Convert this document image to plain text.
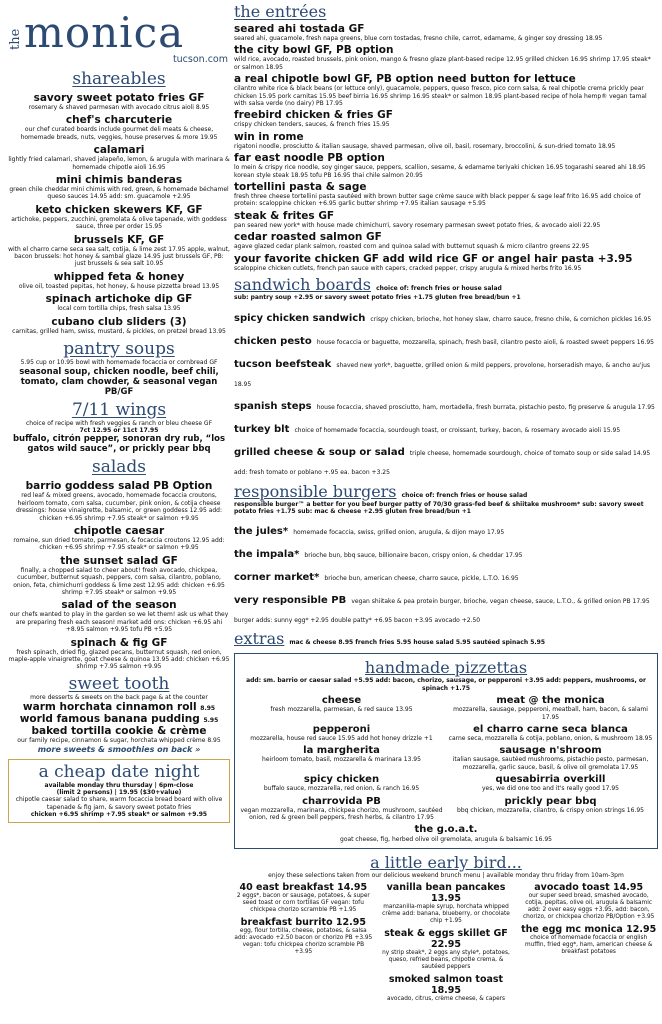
the monica
tucson.com
shareables
savory sweet potato fries GF
rosemary & shaved parmesan with avocado citrus aioli 8.95
chef's charcuterie
our chef curated boards include gourmet deli meats & cheese, homemade breads, nuts, veggies, house preserves & more 19.95
calamari
lightly fried calamari, shaved jalapeño, lemon, & arugula with marinara & homemade chipotle aioli 16.95
mini chimis banderas
green chile cheddar mini chimis with red, green, & homemade béchamel queso sauces 14.95 add: sm. guacamole +2.95
keto chicken skewers KF, GF
artichoke, peppers, zucchini, gremolata & olive tapenade, with goddess sauce, three per order 15.95
brussels KF, GF
with el charro carne seca sea salt, cotija, & lime zest 17.95 apple, walnut, bacon brussels: hot honey & sambal glaze 14.95 just brussels GF, PB: just brussels & sea salt 10.95
whipped feta & honey
olive oil, toasted pepitas, hot honey, & house pizzetta bread 13.95
spinach artichoke dip GF
local corn tortilla chips, fresh salsa 13.95
cubano club sliders (3)
carnitas, grilled ham, swiss, mustard, & pickles, on pretzel bread 13.95
pantry soups
5.95 cup or 10.95 bowl with homemade focaccia or cornbread GF
seasonal soup, chicken noodle, beef chili, tomato, clam chowder, & seasonal vegan PB/GF
7/11 wings
choice of recipe with fresh veggies & ranch or bleu cheese GF
7ct 12.95 or 11ct 17.95
buffalo, citrón pepper, sonoran dry rub, “los gatos wild sauce”, or prickly pear bbq
salads
barrio goddess salad PB Option
red leaf & mixed greens, avocado, homemade focaccia croutons, heirloom tomato, corn salsa, cucumber, pink onion, & cotija cheese dressings: house vinaigrette, balsamic, or green goddess 12.95 add: chicken +6.95 shrimp +7.95 steak* or salmon +9.95
chipotle caesar
romaine, sun dried tomato, parmesan, & focaccia croutons 12.95 add: chicken +6.95 shrimp +7.95 steak* or salmon +9.95
the sunset salad GF
finally, a chopped salad to cheer about! fresh avocado, chickpea, cucumber, butternut squash, peppers, corn salsa, cilantro, poblano, onion, feta, chimichurri goddess & lime zest 12.95 add: chicken +6.95 shrimp +7.95 steak* or salmon +9.95
salad of the season
our chefs wanted to play in the garden so we let them! ask us what they are preparing fresh each season! market add ons: chicken +6.95 ahi +8.95 salmon +9.95 tofu PB +5.95
spinach & fig GF
fresh spinach, dried fig, glazed pecans, butternut squash, red onion, maple-apple vinaigrette, goat cheese & quinoa 13.95 add: chicken +6.95 shrimp +7.95 salmon +9.95
sweet tooth
more desserts & sweets on the back page & at the counter
warm horchata cinnamon roll 8.95
world famous banana pudding 5.95
baked tortilla cookie & crème
our family recipe, cinnamon & sugar, horchata whipped crème 8.95
more sweets & smoothies on back »
a cheap date night
available monday thru thursday | 6pm-close
(limit 2 persons) | 19.95 ($30+value)
chipotle caesar salad to share, warm focaccia bread board with olive tapenade & fig jam, & savory sweet potato fries
chicken +6.95 shrimp +7.95 steak* or salmon +9.95
the entrées
seared ahi tostada GF
seared ahi, guacamole, fresh napa greens, blue corn tostadas, fresno chile, carrot, edamame, & ginger soy dressing 18.95
the city bowl GF, PB option
wild rice, avocado, roasted brussels, pink onion, mango & fresno glaze plant-based recipe 12.95 grilled chicken 16.95 shrimp 17.95 steak* or salmon 18.95
a real chipotle bowl GF, PB option need button for lettuce
cilantro white rice & black beans (or lettuce only), guacamole, peppers, queso fresco, pico corn salsa, & real chipotle crema prickly pear chicken 15.95 pork carnitas 15.95 beef birria 16.95 shrimp 16.95 steak* or salmon 18.95 plant-based recipe of hola hemp® vegan tamal with salsa verde (no dairy) PB 17.95
freebird chicken & fries GF
crispy chicken tenders, sauces, & french fries 15.95
win in rome
rigatoni noodle, prosciutto & italian sausage, shaved parmesan, olive oil, basil, rosemary, broccolini, & sun-dried tomato 18.95
far east noodle PB option
lo mein & crispy rice noodle, soy ginger sauce, peppers, scallion, sesame, & edamame teriyaki chicken 16.95 togarashi seared ahi 18.95 korean style steak 18.95 tofu PB 16.95 thai chile salmon 20.95
tortellini pasta & sage
fresh three cheese tortellini pasta sautéed with brown butter sage crème sauce with black pepper & sage leaf frito 16.95 add choice of protein: scaloppine chicken +6.95 garlic butter shrimp +7.95 italian sausage +5.95
steak & frites GF
pan seared new york* with house made chimichurri, savory rosemary parmesan sweet potato fries, & avocado aioli 22.95
cedar roasted salmon GF
agave glazed cedar plank salmon, roasted corn and quinoa salad with butternut squash & micro cilantro greens 22.95
your favorite chicken GF add wild rice GF or angel hair pasta +3.95
scaloppine chicken cutlets, french pan sauce with capers, cracked pepper, crispy arugula & mixed herbs frito 16.95
sandwich boards choice of: french fries or house salad
sub: pantry soup +2.95 or savory sweet potato fries +1.75 gluten free bread/bun +1
spicy chicken sandwich crispy chicken, brioche, hot honey slaw, charro sauce, fresno chile, & cornichon pickles 16.95
chicken pesto house focaccia or baguette, mozzarella, spinach, fresh basil, cilantro pesto aioli, & roasted sweet peppers 16.95
tucson beefsteak shaved new york*, baguette, grilled onion & mild peppers, provolone, horseradish mayo, & ancho au'jus 18.95
spanish steps house focaccia, shaved prosciutto, ham, mortadella, fresh burrata, pistachio pesto, fig preserve & arugula 17.95
turkey blt choice of homemade focaccia, sourdough toast, or croissant, turkey, bacon, & rosemary avocado aioli 15.95
grilled cheese & soup or salad triple cheese, homemade sourdough, choice of tomato soup or side salad 14.95 add: fresh tomato or poblano +.95 ea. bacon +3.25
responsible burgers choice of: french fries or house salad
responsible burger™ a better for you beef burger patty of 70/30 grass-fed beef & shiitake mushroom* sub: savory sweet potato fries +1.75 sub: mac & cheese +2.95 gluten free bread/bun +1
the jules* homemade focaccia, swiss, grilled onion, arugula, & dijon mayo 17.95
the impala* brioche bun, bbq sauce, billionaire bacon, crispy onion, & cheddar 17.95
corner market* brioche bun, american cheese, charro sauce, pickle, L.T.O. 16.95
very responsible PB vegan shiitake & pea protein burger, brioche, vegan cheese, sauce, L.T.O., & grilled onion PB 17.95 burger adds: sunny egg* +2.95 double patty* +6.95 bacon +3.95 avocado +2.50
extras mac & cheese 8.95 french fries 5.95 house salad 5.95 sautéed spinach 5.95
handmade pizzettas
add: sm. barrio or caesar salad +5.95 add: bacon, chorizo, sausage, or pepperoni +3.95 add: peppers, mushrooms, or spinach +1.75
cheese
fresh mozzarella, parmesan, & red sauce 13.95
meat @ the monica
mozzarella, sausage, pepperoni, meatball, ham, bacon, & salami 17.95
pepperoni
mozzarella, house red sauce 15.95 add hot honey drizzle +1
el charro carne seca blanca
carne seca, mozzarella & cotija, poblano, onion, & mushroom 18.95
la margherita
heirloom tomato, basil, mozzarella & marinara 13.95
sausage n'shroom
italian sausage, sautéed mushrooms, pistachio pesto, parmesan, mozzarella, garlic sauce, basil, & olive oil gremolata 17.95
spicy chicken
buffalo sauce, mozzarella, red onion, & ranch 16.95
quesabirria overkill
yes, we did one too and it's really good 17.95
charrovida PB
vegan mozzarella, marinara, chickpea chorizo, mushroom, sautéed onion, red & green bell peppers, fresh herbs, & cilantro 17.95
prickly pear bbq
bbq chicken, mozzarella, cilantro, & crispy onion strings 16.95
the g.o.a.t.
goat cheese, fig, herbed olive oil gremolata, arugula & balsamic 16.95
a little early bird...
enjoy these selections taken from our delicious weekend brunch menu | available monday thru friday from 10am-3pm
40 east breakfast 14.95
2 eggs*, bacon or sausage, potatoes, & super seed toast or corn tortillas GF vegan: tofu chickpea chorizo scramble PB +1.95
breakfast burrito 12.95
egg, flour tortilla, cheese, potatoes, & salsa add: avocado +2.50 bacon or chorizo PB +3.95 vegan: tofu chickpea chorizo scramble PB +3.95
vanilla bean pancakes 13.95
manzanilla-maple syrup, horchata whipped crème add: banana, blueberry, or chocolate chip +1.95
steak & eggs skillet GF 22.95
ny strip steak*, 2 eggs any style*, potatoes, queso, refried beans, chipotle crema, & sautéed peppers
smoked salmon toast 18.95
avocado, citrus, crème cheese, & capers
avocado toast 14.95
our super seed bread, smashed avocado, cotija, pepitas, olive oil, arugula & balsamic add: 2 over easy eggs +3.95, add: bacon, chorizo, or chickpea chorizo PB/Option +3.95
the egg mc monica 12.95
choice of homemade focaccia or english muffin, fried egg*, ham, american cheese & breakfast potatoes
